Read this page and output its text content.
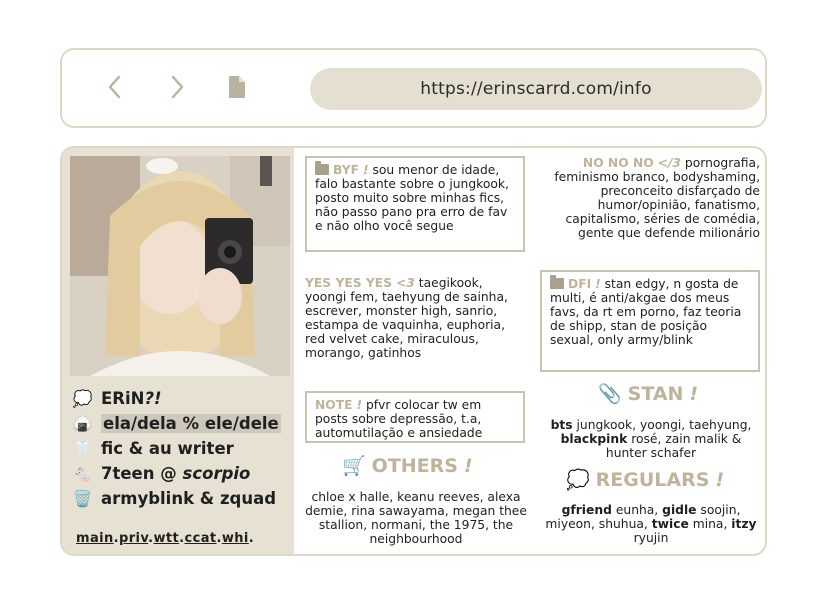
https://erinscarrd.com/info
💭 ERiN ?!
🍙 ela/dela % ele/dele
🦷 fic & au writer
🐁 7teen
@
scorpio
🗑️ armyblink & zquad
main.priv.wtt.ccat.whi.
BYF ! sou menor de idade, falo bastante sobre o jungkook, posto muito sobre minhas fics, não passo pano pra erro de fav e não olho você segue
YES YES YES <3 taegikook, yoongi fem, taehyung de sainha, escrever, monster high, sanrio, estampa de vaquinha, euphoria, red velvet cake, miraculous, morango, gatinhos
NOTE ! pfvr colocar tw em posts sobre depressão, t.a, automutilação e ansiedade
🛒 OTHERS !
chloe x halle, keanu reeves, alexa demie, rina sawayama, megan thee stallion, normani, the 1975, the neighbourhood
NO NO NO </3 pornografia, feminismo branco, bodyshaming, preconceito disfarçado de humor/opinião, fanatismo, capitalismo, séries de comédia, gente que defende milionário
DFI ! stan edgy, n gosta de multi, é anti/akgae dos meus favs, da rt em porno, faz teoria de shipp, stan de posição sexual, only army/blink
📎 STAN !
bts jungkook, yoongi, taehyung, blackpink rosé, zain malik & hunter schafer
💭 REGULARS !
gfriend eunha, gidle soojin, miyeon, shuhua, twice mina, itzy ryujin
